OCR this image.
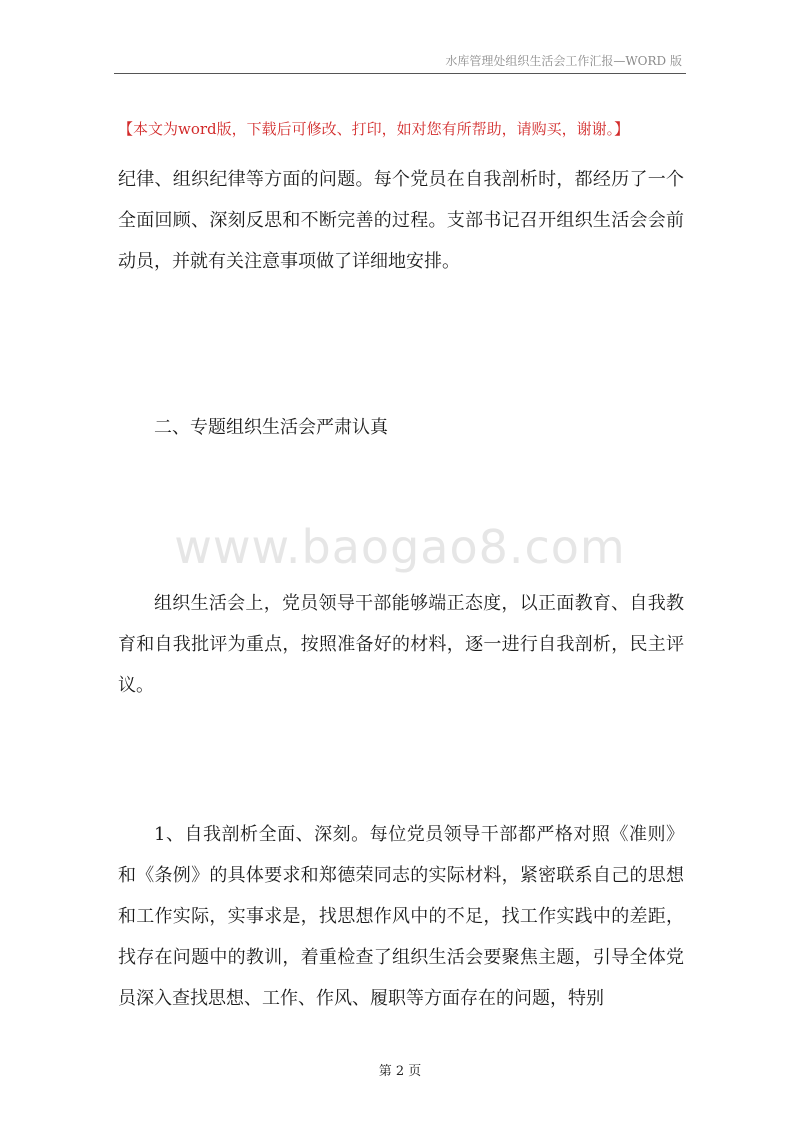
水库管理处组织生活会工作汇报—WORD 版
【本文为word版，下载后可修改、打印，如对您有所帮助，请购买，谢谢。】

纪律、组织纪律等方面的问题。每个党员在自我剖析时，都经历了一个全面回顾、深刻反思和不断完善的过程。支部书记召开组织生活会会前动员，并就有关注意事项做了详细地安排。

二、专题组织生活会严肃认真

www.baogao8.com

组织生活会上，党员领导干部能够端正态度，以正面教育、自我教育和自我批评为重点，按照准备好的材料，逐一进行自我剖析，民主评议。

1、自我剖析全面、深刻。每位党员领导干部都严格对照《准则》和《条例》的具体要求和郑德荣同志的实际材料，紧密联系自己的思想和工作实际，实事求是，找思想作风中的不足，找工作实践中的差距，找存在问题中的教训，着重检查了组织生活会要聚焦主题，引导全体党员深入查找思想、工作、作风、履职等方面存在的问题，特别

第 2 页
